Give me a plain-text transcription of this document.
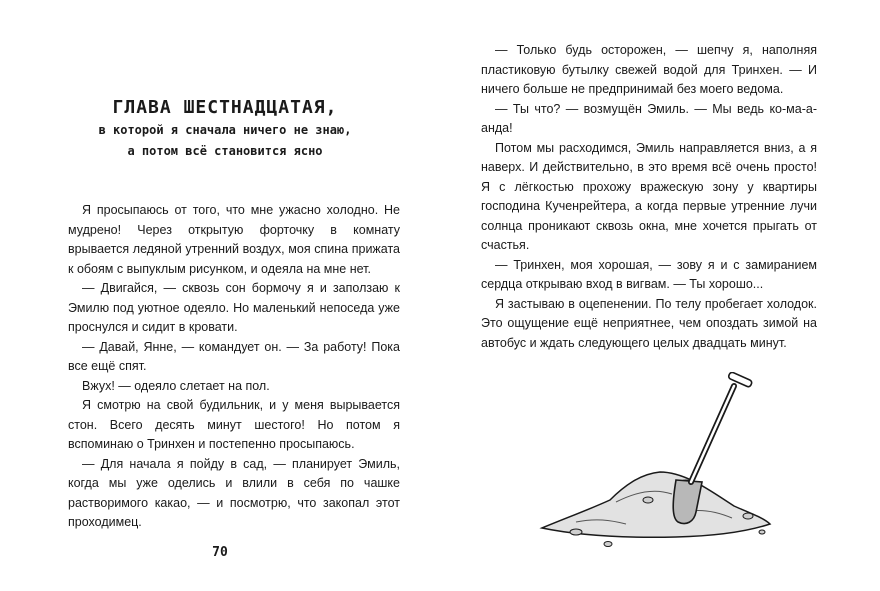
ГЛАВА ШЕСТНАДЦАТАЯ,

в которой я сначала ничего не знаю,

а потом всё становится ясно

Я просыпаюсь от того, что мне ужасно холодно. Не мудрено! Через открытую форточку в комнату врывается ледяной утренний воздух, моя спина прижата к обоям с выпуклым рисунком, и одеяла на мне нет.

— Двигайся, — сквозь сон бормочу я и заползаю к Эмилю под уютное одеяло. Но маленький непоседа уже проснулся и сидит в кровати.

— Давай, Янне, — командует он. — За работу! Пока все ещё спят.

Вжух! — одеяло слетает на пол.

Я смотрю на свой будильник, и у меня вырывается стон. Всего десять минут шестого! Но потом я вспоминаю о Тринхен и постепенно просыпаюсь.

— Для начала я пойду в сад, — планирует Эмиль, когда мы уже оделись и влили в себя по чашке растворимого какао, — и посмотрю, что закопал этот проходимец.

70

— Только будь осторожен, — шепчу я, наполняя пластиковую бутылку свежей водой для Тринхен. — И ничего больше не предпринимай без моего ведома.

— Ты что? — возмущён Эмиль. — Мы ведь ко-ма-а-анда!

Потом мы расходимся, Эмиль направляется вниз, а я наверх. И действительно, в это время всё очень просто! Я с лёгкостью прохожу вражескую зону у квартиры господина Кученрейтера, а когда первые утренние лучи солнца проникают сквозь окна, мне хочется прыгать от счастья.

— Тринхен, моя хорошая, — зову я и с замиранием сердца открываю вход в вигвам. — Ты хорошо...

Я застываю в оцепенении. По телу пробегает холодок. Это ощущение ещё неприятнее, чем опоздать зимой на автобус и ждать следующего целых двадцать минут.
